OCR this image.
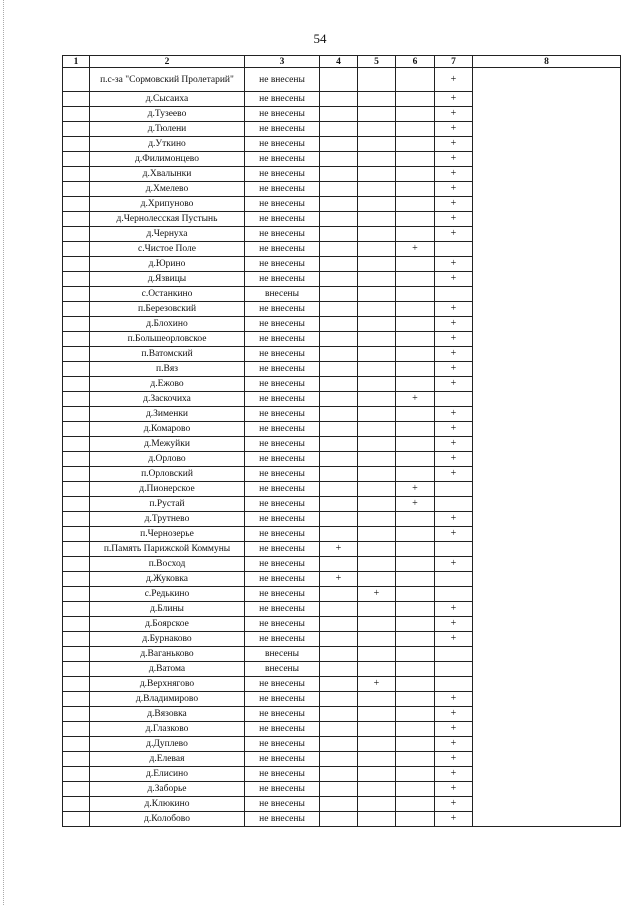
54
1	2	3	4	5	6	7	8
	п.с-за "Сормовский Пролетарий"	не внесены				+	
	д.Сысаиха	не внесены				+	
	д.Тузеево	не внесены				+	
	д.Тюлени	не внесены				+	
	д.Уткино	не внесены				+	
	д.Филимонцево	не внесены				+	
	д.Хвалынки	не внесены				+	
	д.Хмелево	не внесены				+	
	д.Хрипуново	не внесены				+	
	д.Чернолесская Пустынь	не внесены				+	
	д.Чернуха	не внесены				+	
	с.Чистое Поле	не внесены			+		
	д.Юрино	не внесены				+	
	д.Язвицы	не внесены				+	
	с.Останкино	внесены					
	п.Березовский	не внесены				+	
	д.Блохино	не внесены				+	
	п.Большеорловское	не внесены				+	
	п.Ватомский	не внесены				+	
	п.Вяз	не внесены				+	
	д.Ежово	не внесены				+	
	д.Заскочиха	не внесены			+		
	д.Зименки	не внесены				+	
	д.Комарово	не внесены				+	
	д.Межуйки	не внесены				+	
	д.Орлово	не внесены				+	
	п.Орловский	не внесены				+	
	д.Пионерское	не внесены			+		
	п.Рустай	не внесены			+		
	д.Трутнево	не внесены				+	
	п.Чернозерье	не внесены				+	
	п.Память Парижской Коммуны	не внесены	+				
	п.Восход	не внесены				+	
	д.Жуковка	не внесены	+				
	с.Редькино	не внесены		+			
	д.Блины	не внесены				+	
	д.Боярское	не внесены				+	
	д.Бурнаково	не внесены				+	
	д.Ваганьково	внесены					
	д.Ватома	внесены					
	д.Верхнягово	не внесены		+			
	д.Владимирово	не внесены				+	
	д.Вязовка	не внесены				+	
	д.Глазково	не внесены				+	
	д.Дуплево	не внесены				+	
	д.Елевая	не внесены				+	
	д.Елисино	не внесены				+	
	д.Заборье	не внесены				+	
	д.Клюкино	не внесены				+	
	д.Колобово	не внесены				+	
